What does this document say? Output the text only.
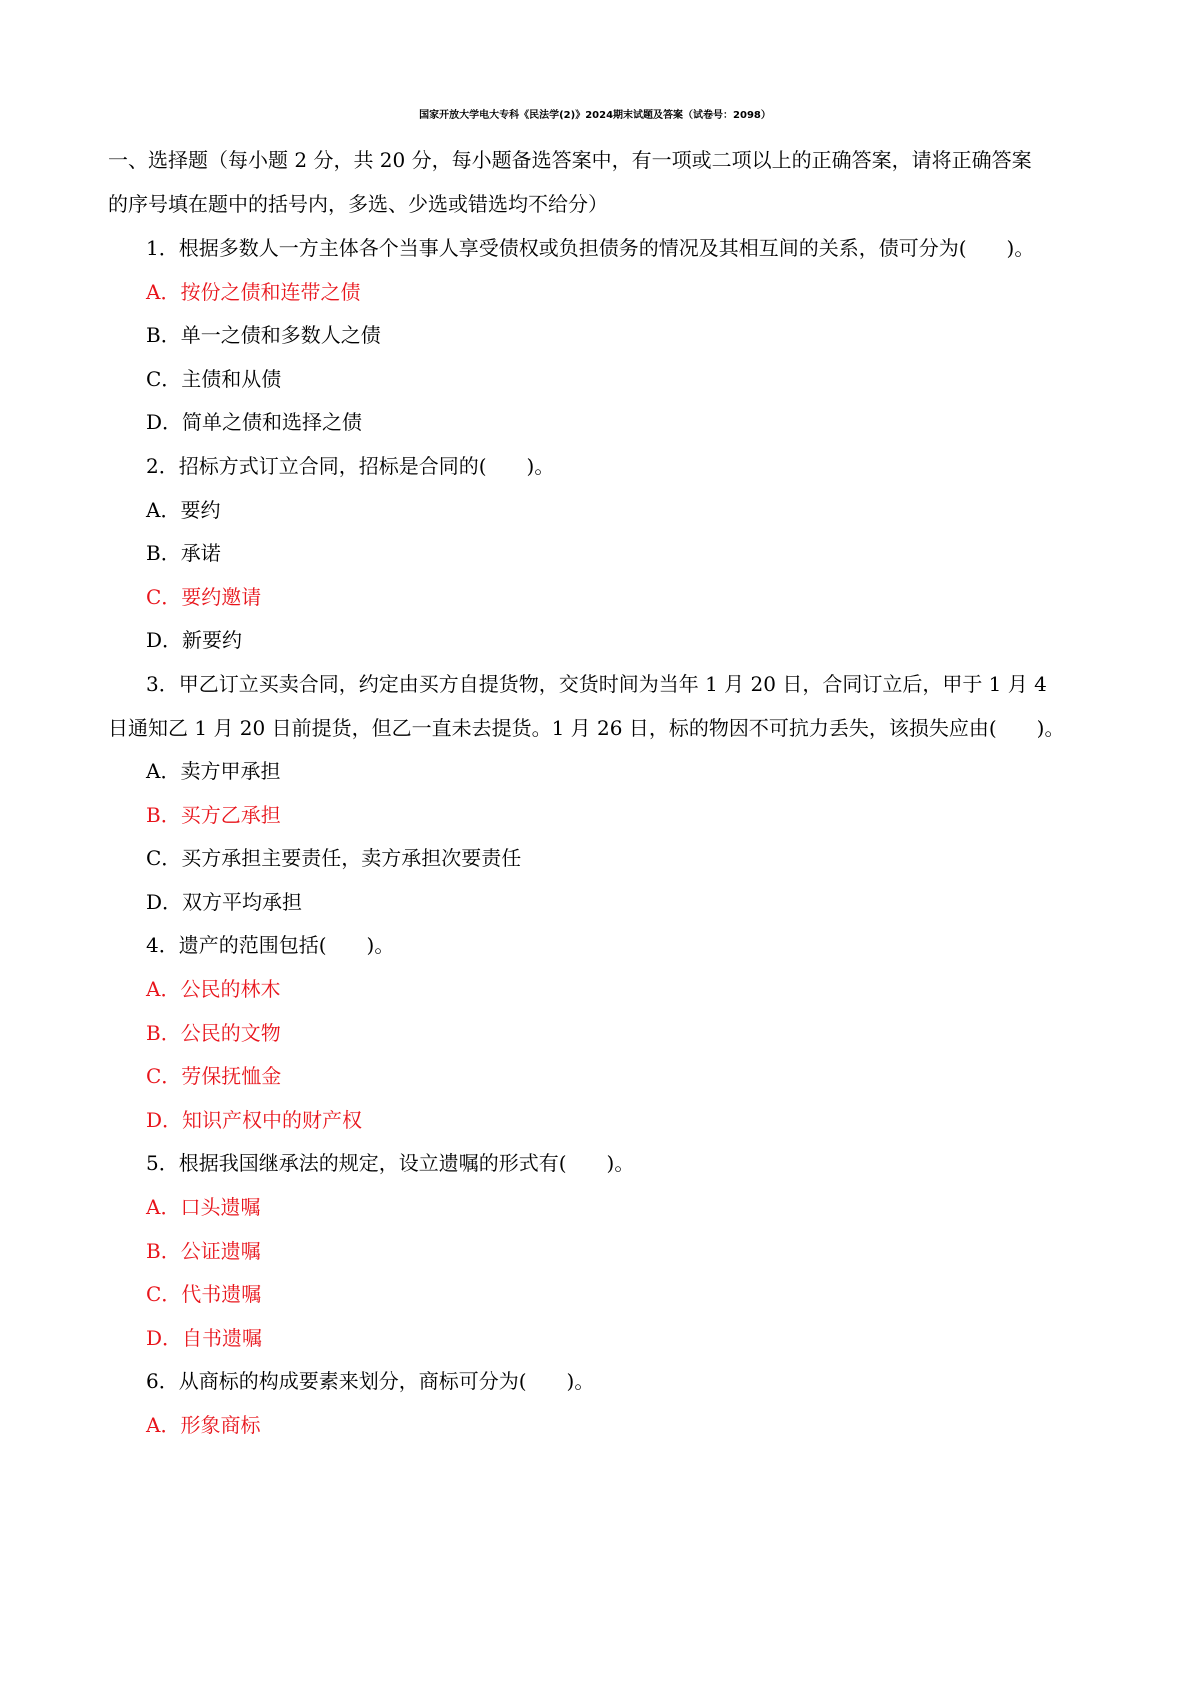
国家开放大学电大专科《民法学(2)》2024期末试题及答案（试卷号：2098）
一、选择题（每小题 2 分，共 20 分，每小题备选答案中，有一项或二项以上的正确答案，请将正确答案
的序号填在题中的括号内，多选、少选或错选均不给分）
1．根据多数人一方主体各个当事人享受债权或负担债务的情况及其相互间的关系，债可分为(　　)。
A．按份之债和连带之债
B．单一之债和多数人之债
C．主债和从债
D．简单之债和选择之债
2．招标方式订立合同，招标是合同的(　　)。
A．要约
B．承诺
C．要约邀请
D．新要约
3．甲乙订立买卖合同，约定由买方自提货物，交货时间为当年 1 月 20 日，合同订立后，甲于 1 月 4
日通知乙 1 月 20 日前提货，但乙一直未去提货。1 月 26 日，标的物因不可抗力丢失，该损失应由(　　)。
A．卖方甲承担
B．买方乙承担
C．买方承担主要责任，卖方承担次要责任
D．双方平均承担
4．遗产的范围包括(　　)。
A．公民的林木
B．公民的文物
C．劳保抚恤金
D．知识产权中的财产权
5．根据我国继承法的规定，设立遗嘱的形式有(　　)。
A．口头遗嘱
B．公证遗嘱
C．代书遗嘱
D．自书遗嘱
6．从商标的构成要素来划分，商标可分为(　　)。
A．形象商标
